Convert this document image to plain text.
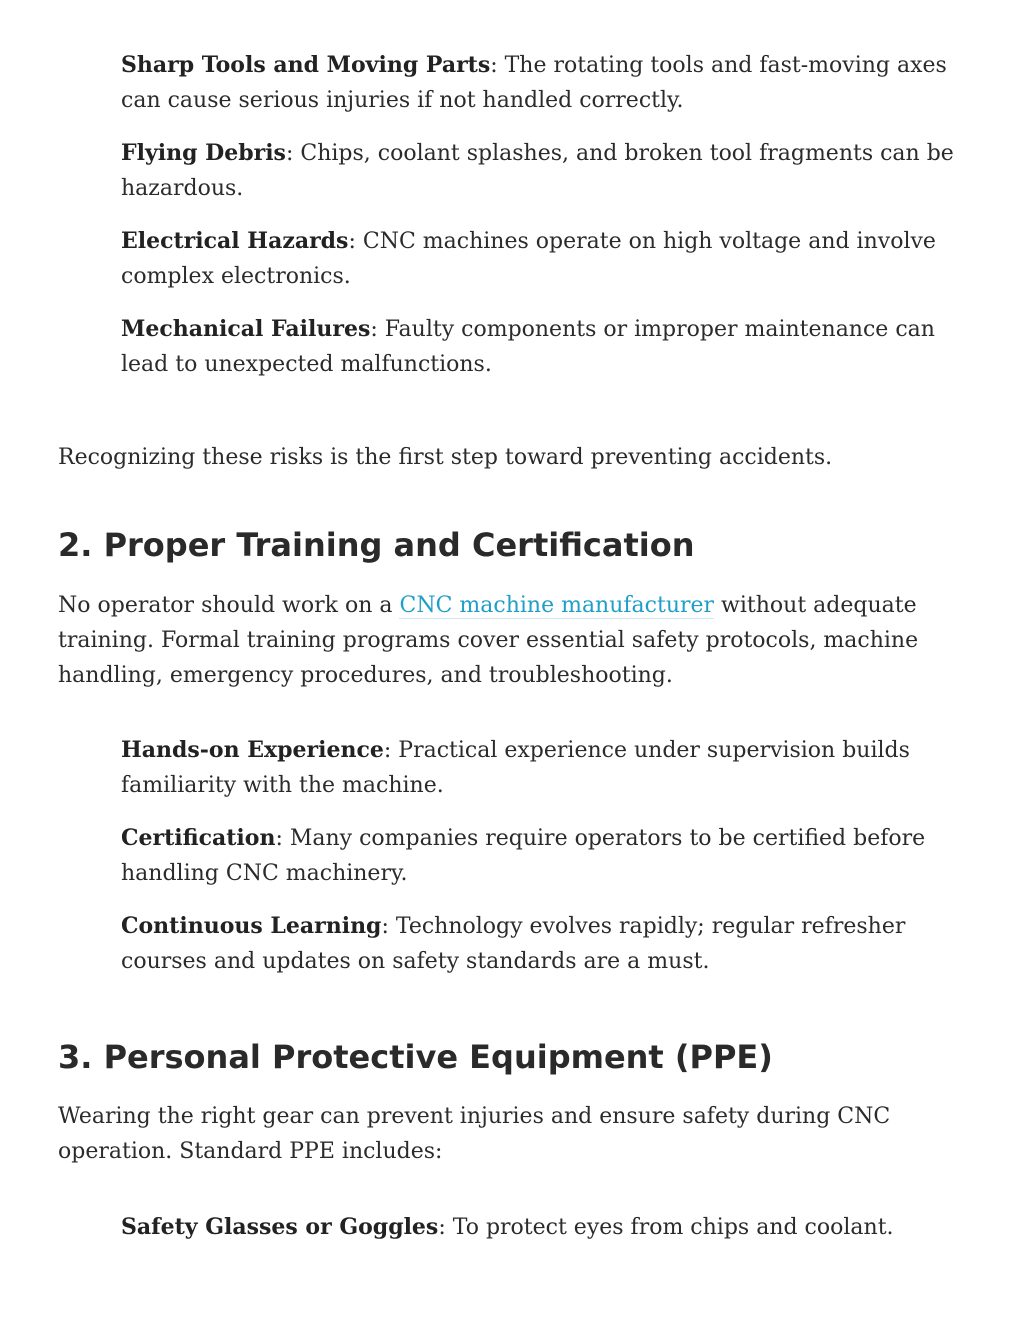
Sharp Tools and Moving Parts: The rotating tools and fast-moving axes can cause serious injuries if not handled correctly.

Flying Debris: Chips, coolant splashes, and broken tool fragments can be hazardous.

Electrical Hazards: CNC machines operate on high voltage and involve complex electronics.

Mechanical Failures: Faulty components or improper maintenance can lead to unexpected malfunctions.

Recognizing these risks is the first step toward preventing accidents.

2. Proper Training and Certification

No operator should work on a CNC machine manufacturer without adequate training. Formal training programs cover essential safety protocols, machine handling, emergency procedures, and troubleshooting.

Hands-on Experience: Practical experience under supervision builds familiarity with the machine.

Certification: Many companies require operators to be certified before handling CNC machinery.

Continuous Learning: Technology evolves rapidly; regular refresher courses and updates on safety standards are a must.

3. Personal Protective Equipment (PPE)

Wearing the right gear can prevent injuries and ensure safety during CNC operation. Standard PPE includes:

Safety Glasses or Goggles: To protect eyes from chips and coolant.
